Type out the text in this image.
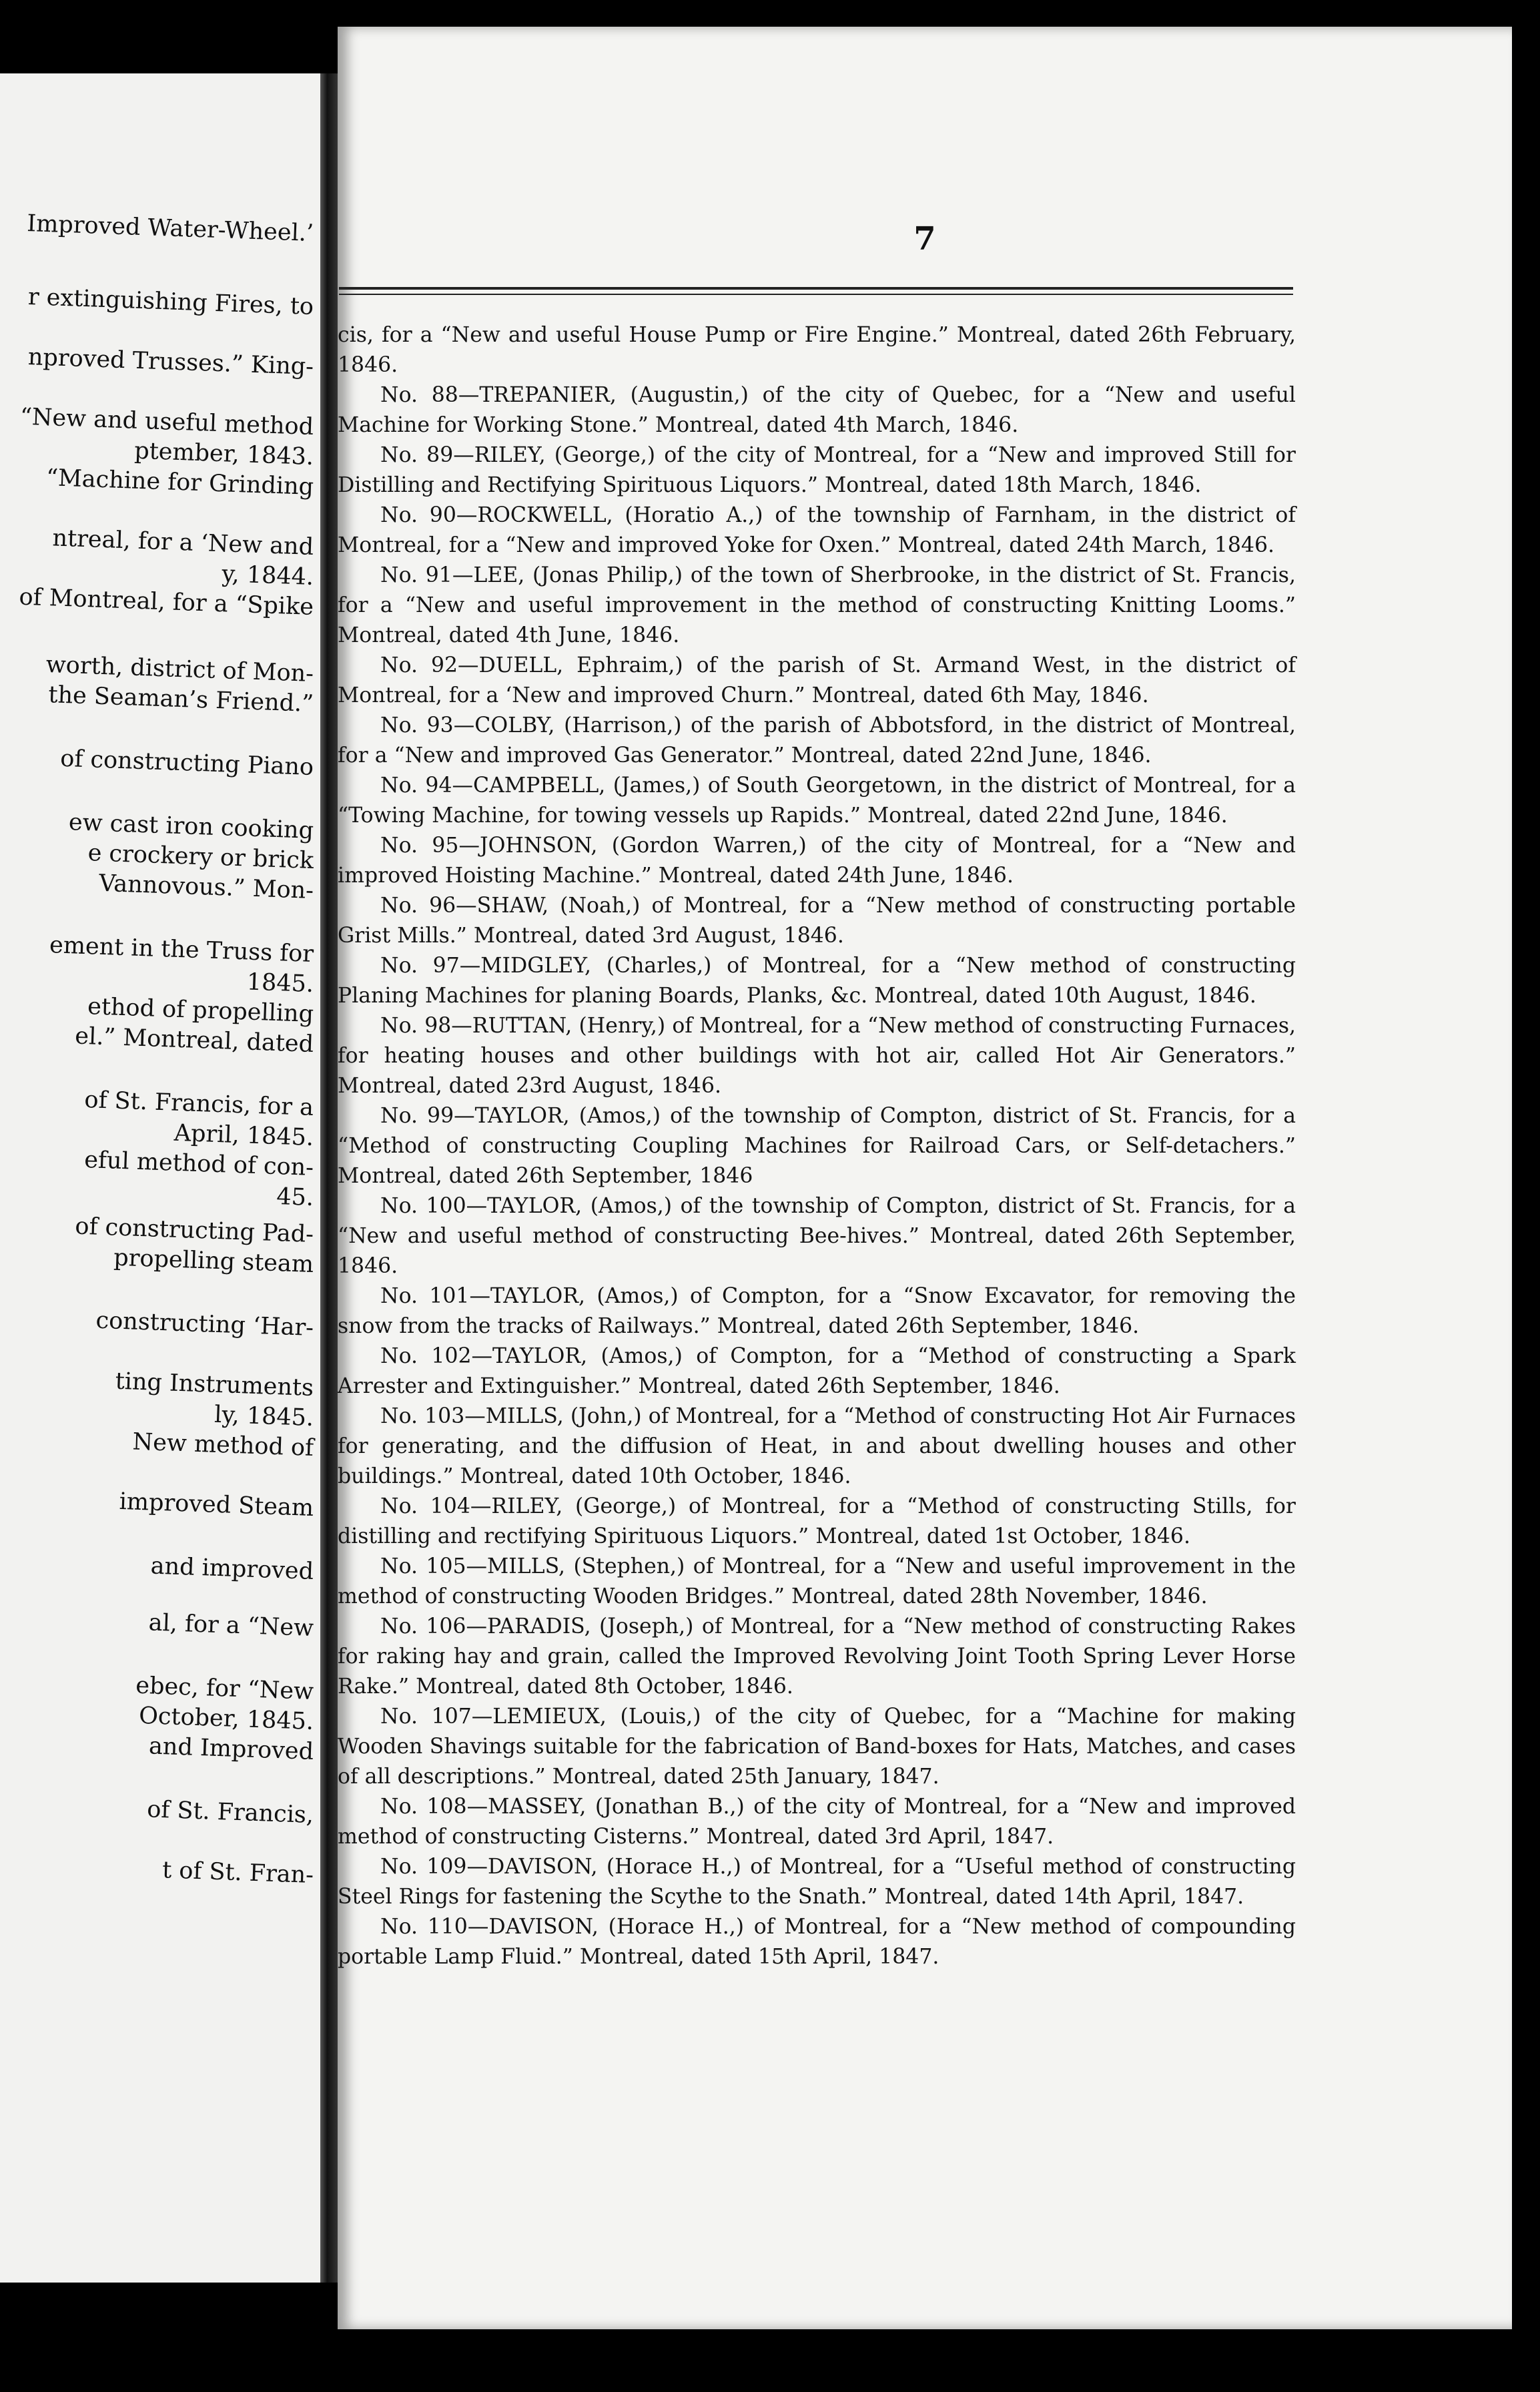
Improved Water-Wheel.’
r extinguishing Fires, to
nproved Trusses.” King-
“New and useful method
ptember, 1843.
“Machine for Grinding
ntreal, for a ‘New and
y, 1844.
of Montreal, for a “Spike
worth, district of Mon-
the Seaman’s Friend.”
of constructing Piano
ew cast iron cooking
e crockery or brick
Vannovous.” Mon-
ement in the Truss for
1845.
ethod of propelling
el.” Montreal, dated
of St. Francis, for a
April, 1845.
eful method of con-
45.
of constructing Pad-
propelling steam
constructing ‘Har-
ting Instruments
ly, 1845.
New method of
improved Steam
and improved
al, for a “New
ebec, for “New
October, 1845.
and Improved
of St. Francis,
t of St. Fran-
7

cis, for a “New and useful House Pump or Fire Engine.” Montreal, dated 26th February, 1846.

No. 88—TREPANIER, (Augustin,) of the city of Quebec, for a “New and useful Machine for Working Stone.” Montreal, dated 4th March, 1846.

No. 89—RILEY, (George,) of the city of Montreal, for a “New and improved Still for Distilling and Rectifying Spirituous Liquors.” Montreal, dated 18th March, 1846.

No. 90—ROCKWELL, (Horatio A.,) of the township of Farnham, in the district of Montreal, for a “New and improved Yoke for Oxen.” Montreal, dated 24th March, 1846.

No. 91—LEE, (Jonas Philip,) of the town of Sherbrooke, in the district of St. Francis, for a “New and useful improvement in the method of constructing Knitting Looms.” Montreal, dated 4th June, 1846.

No. 92—DUELL, Ephraim,) of the parish of St. Armand West, in the district of Montreal, for a ‘New and improved Churn.” Montreal, dated 6th May, 1846.

No. 93—COLBY, (Harrison,) of the parish of Abbotsford, in the district of Montreal, for a “New and improved Gas Generator.” Montreal, dated 22nd June, 1846.

No. 94—CAMPBELL, (James,) of South Georgetown, in the district of Montreal, for a “Towing Machine, for towing vessels up Rapids.” Montreal, dated 22nd June, 1846.

No. 95—JOHNSON, (Gordon Warren,) of the city of Montreal, for a “New and improved Hoisting Machine.” Montreal, dated 24th June, 1846.

No. 96—SHAW, (Noah,) of Montreal, for a “New method of constructing portable Grist Mills.” Montreal, dated 3rd August, 1846.

No. 97—MIDGLEY, (Charles,) of Montreal, for a “New method of constructing Planing Machines for planing Boards, Planks, &c. Montreal, dated 10th August, 1846.

No. 98—RUTTAN, (Henry,) of Montreal, for a “New method of constructing Furnaces, for heating houses and other buildings with hot air, called Hot Air Generators.” Montreal, dated 23rd August, 1846.

No. 99—TAYLOR, (Amos,) of the township of Compton, district of St. Francis, for a “Method of constructing Coupling Machines for Railroad Cars, or Self-detachers.” Montreal, dated 26th September, 1846

No. 100—TAYLOR, (Amos,) of the township of Compton, district of St. Francis, for a “New and useful method of constructing Bee-hives.” Montreal, dated 26th September, 1846.

No. 101—TAYLOR, (Amos,) of Compton, for a “Snow Excavator, for removing the snow from the tracks of Railways.” Montreal, dated 26th September, 1846.

No. 102—TAYLOR, (Amos,) of Compton, for a “Method of constructing a Spark Arrester and Extinguisher.” Montreal, dated 26th September, 1846.

No. 103—MILLS, (John,) of Montreal, for a “Method of constructing Hot Air Furnaces for generating, and the diffusion of Heat, in and about dwelling houses and other buildings.” Montreal, dated 10th October, 1846.

No. 104—RILEY, (George,) of Montreal, for a “Method of constructing Stills, for distilling and rectifying Spirituous Liquors.” Montreal, dated 1st October, 1846.

No. 105—MILLS, (Stephen,) of Montreal, for a “New and useful improvement in the method of constructing Wooden Bridges.” Montreal, dated 28th November, 1846.

No. 106—PARADIS, (Joseph,) of Montreal, for a “New method of constructing Rakes for raking hay and grain, called the Improved Revolving Joint Tooth Spring Lever Horse Rake.” Montreal, dated 8th October, 1846.

No. 107—LEMIEUX, (Louis,) of the city of Quebec, for a “Machine for making Wooden Shavings suitable for the fabrication of Band-boxes for Hats, Matches, and cases of all descriptions.” Montreal, dated 25th January, 1847.

No. 108—MASSEY, (Jonathan B.,) of the city of Montreal, for a “New and improved method of constructing Cisterns.” Montreal, dated 3rd April, 1847.

No. 109—DAVISON, (Horace H.,) of Montreal, for a “Useful method of constructing Steel Rings for fastening the Scythe to the Snath.” Montreal, dated 14th April, 1847.

No. 110—DAVISON, (Horace H.,) of Montreal, for a “New method of compounding portable Lamp Fluid.” Montreal, dated 15th April, 1847.
